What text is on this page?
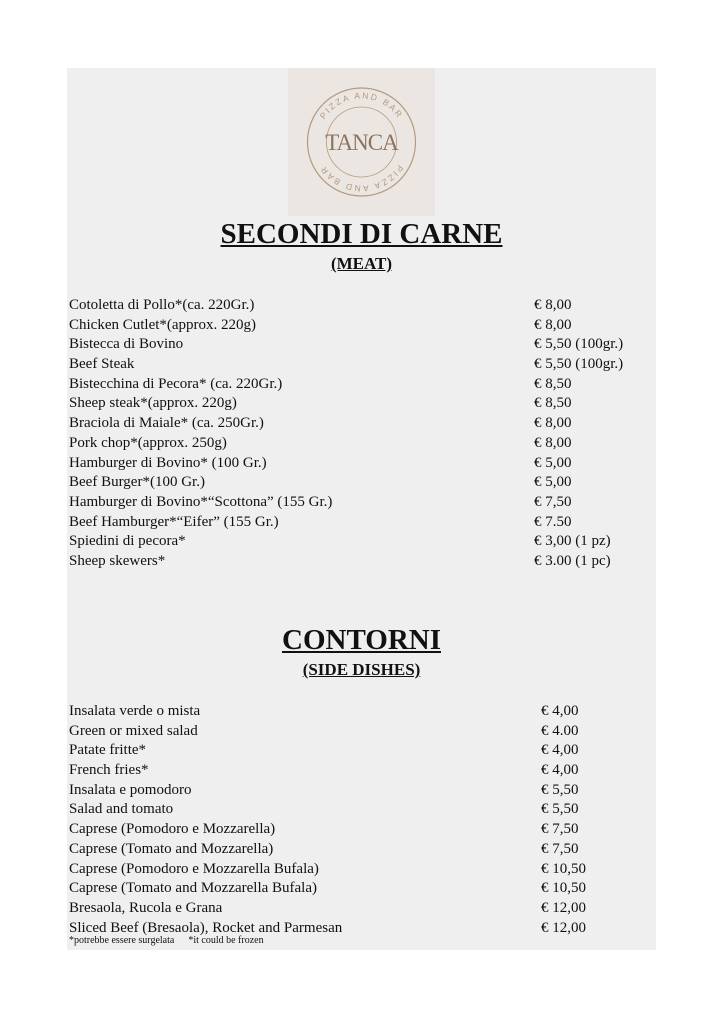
PIZZA AND BAR
PIZZA AND BAR
TANCA
SECONDI DI CARNE
(MEAT)
Cotoletta di Pollo*(ca. 220Gr.)	€ 8,00
Chicken Cutlet*(approx. 220g)	€ 8,00
Bistecca di Bovino	€ 5,50 (100gr.)
Beef Steak	€ 5,50 (100gr.)
Bistecchina di Pecora* (ca. 220Gr.)	€ 8,50
Sheep steak*(approx. 220g)	€ 8,50
Braciola di Maiale* (ca. 250Gr.)	€ 8,00
Pork chop*(approx. 250g)	€ 8,00
Hamburger di Bovino* (100 Gr.)	€ 5,00
Beef Burger*(100 Gr.)	€ 5,00
Hamburger di Bovino*“Scottona” (155 Gr.)	€ 7,50
Beef Hamburger*“Eifer” (155 Gr.)	€ 7.50
Spiedini di pecora*	€ 3,00 (1 pz)
Sheep skewers*	€ 3.00 (1 pc)
CONTORNI
(SIDE DISHES)
Insalata verde o mista	€ 4,00
Green or mixed salad	€ 4.00
Patate fritte*	€ 4,00
French fries*	€ 4,00
Insalata e pomodoro	€ 5,50
Salad and tomato	€ 5,50
Caprese (Pomodoro e Mozzarella)	€ 7,50
Caprese (Tomato and Mozzarella)	€ 7,50
Caprese (Pomodoro e Mozzarella Bufala)	€ 10,50
Caprese (Tomato and Mozzarella Bufala)	€ 10,50
Bresaola, Rucola e Grana	€ 12,00
Sliced Beef (Bresaola), Rocket and Parmesan	€ 12,00
*potrebbe essere surgelata *it could be frozen
